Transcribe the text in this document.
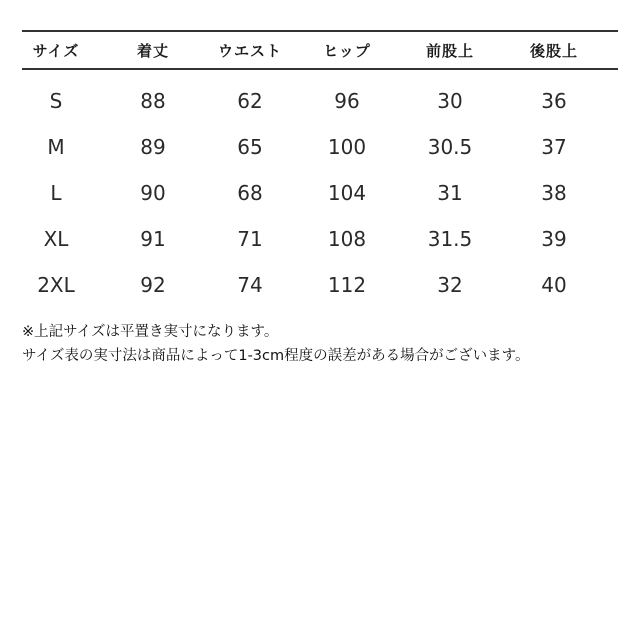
サイズ	着丈	ウエスト	ヒップ	前股上	後股上
S	88	62	96	30	36
M	89	65	100	30.5	37
L	90	68	104	31	38
XL	91	71	108	31.5	39
2XL	92	74	112	32	40
※上記サイズは平置き実寸になります。
サイズ表の実寸法は商品によって1-3cm程度の誤差がある場合がございます。
